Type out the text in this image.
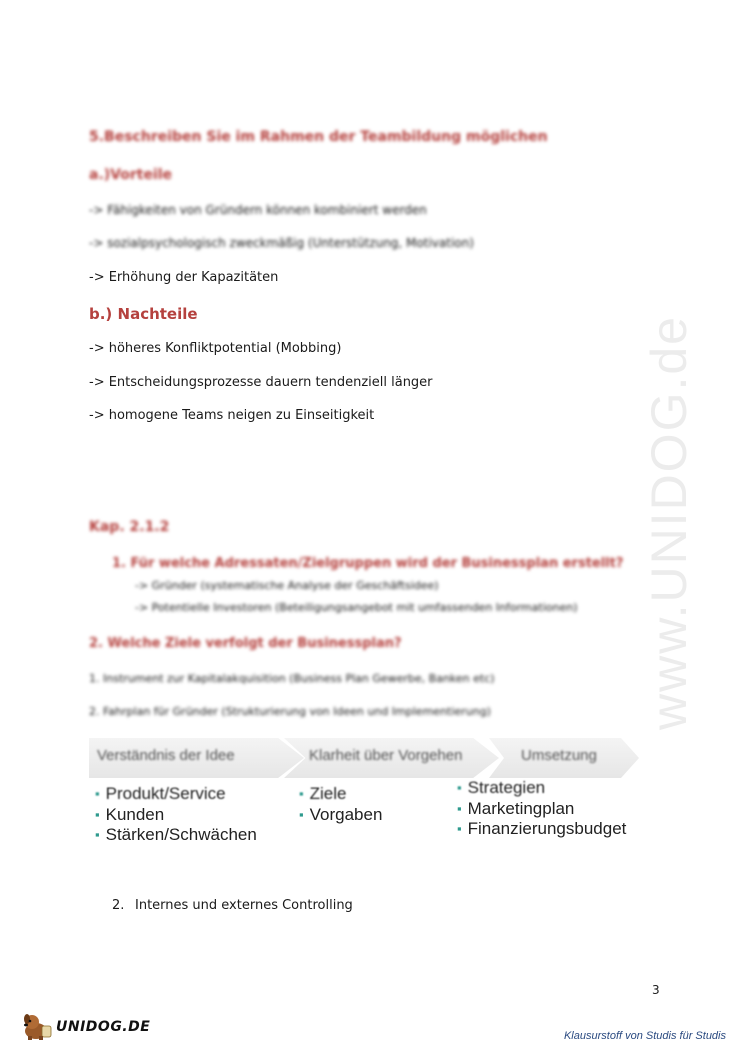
www.UNIDOG.de
5.Beschreiben Sie im Rahmen der Teambildung möglichen
a.)Vorteile
-> Fähigkeiten von Gründern können kombiniert werden
-> sozialpsychologisch zweckmäßig (Unterstützung, Motivation)
-> Erhöhung der Kapazitäten
b.) Nachteile
-> höheres Konfliktpotential (Mobbing)
-> Entscheidungsprozesse dauern tendenziell länger
-> homogene Teams neigen zu Einseitigkeit
Kap. 2.1.2
1. Für welche Adressaten/Zielgruppen wird der Businessplan erstellt?
-> Gründer (systematische Analyse der Geschäftsidee)
-> Potentielle Investoren (Beteiligungsangebot mit umfassenden Informationen)
2. Welche Ziele verfolgt der Businessplan?
1. Instrument zur Kapitalakquisition (Business Plan Gewerbe, Banken etc)
2. Fahrplan für Gründer (Strukturierung von Ideen und Implementierung)
Verständnis der Idee	Klarheit über Vorgehen	Umsetzung
▪ Produkt/Service
▪ Kunden
▪ Stärken/Schwächen
▪ Ziele
▪ Vorgaben
▪ Strategien
▪ Marketingplan
▪ Finanzierungsbudget
2. Internes und externes Controlling
3
UNIDOG.DE
Klausurstoff von Studis für Studis
